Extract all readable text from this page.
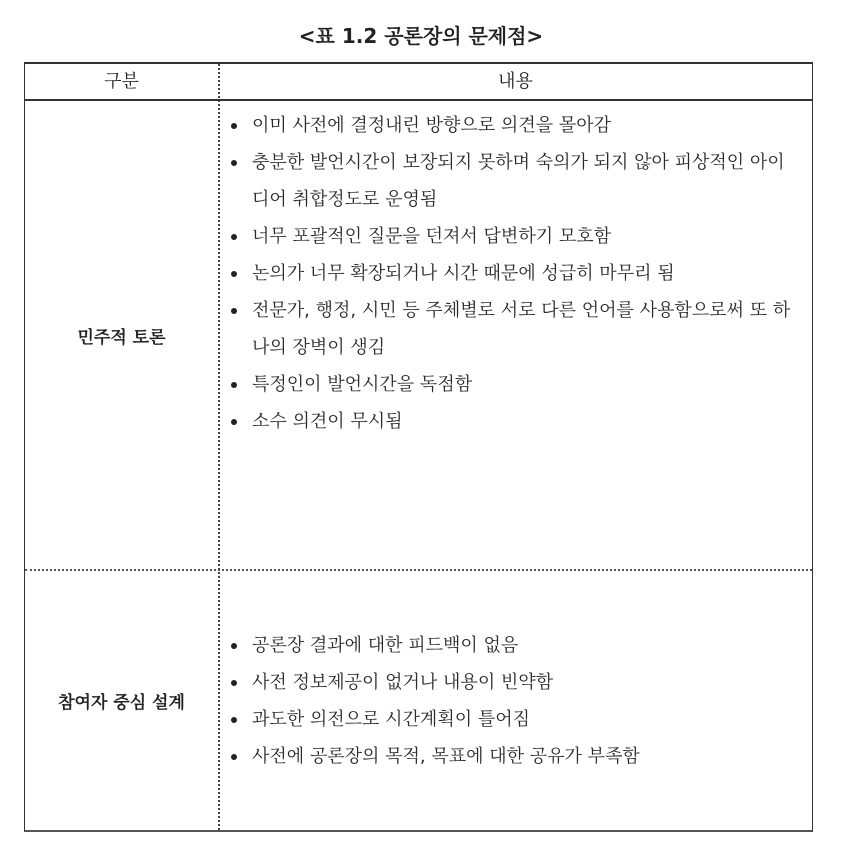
<표 1.2 공론장의 문제점>
구분	내용
민주적 토론
이미 사전에 결정내린 방향으로 의견을 몰아감
충분한 발언시간이 보장되지 못하며 숙의가 되지 않아 피상적인 아이디어 취합정도로 운영됨
너무 포괄적인 질문을 던져서 답변하기 모호함
논의가 너무 확장되거나 시간 때문에 성급히 마무리 됨
전문가, 행정, 시민 등 주체별로 서로 다른 언어를 사용함으로써 또 하나의 장벽이 생김
특정인이 발언시간을 독점함
소수 의견이 무시됨
참여자 중심 설계
공론장 결과에 대한 피드백이 없음
사전 정보제공이 없거나 내용이 빈약함
과도한 의전으로 시간계획이 틀어짐
사전에 공론장의 목적, 목표에 대한 공유가 부족함
